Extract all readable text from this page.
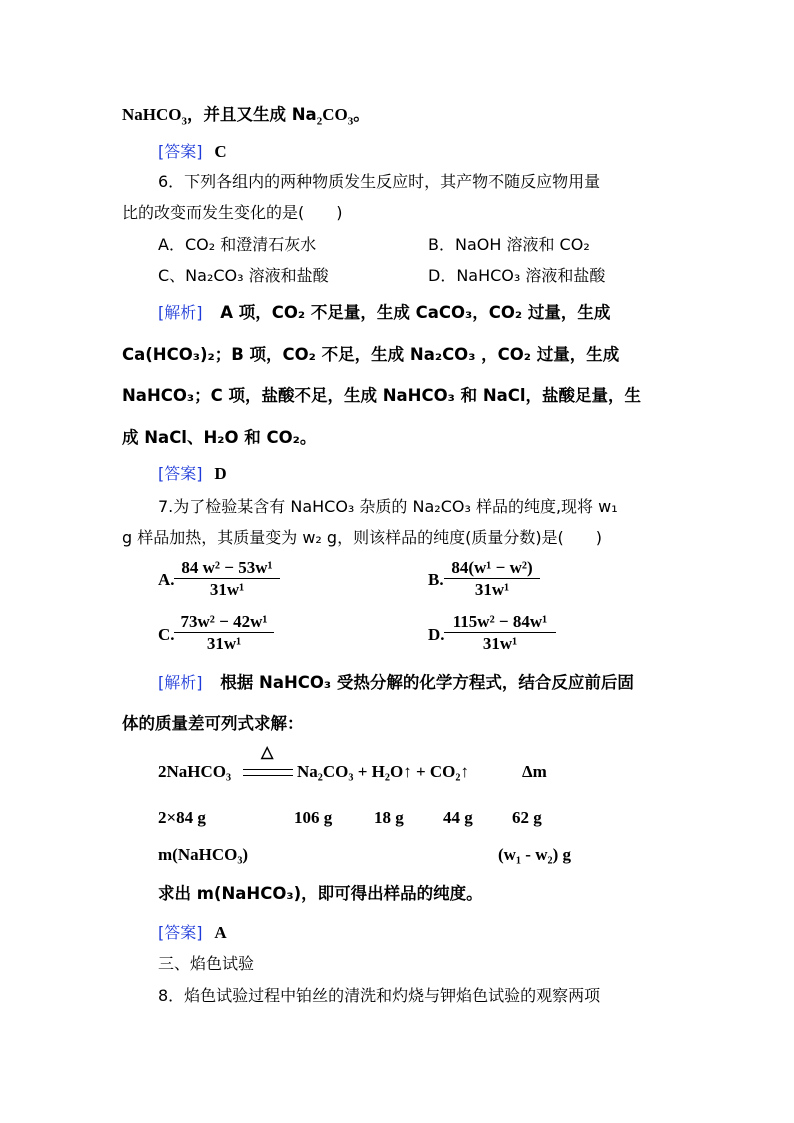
NaHCO$_3$，并且又生成 $Na_2CO_3$。
[答案] C
6．下列各组内的两种物质发生反应时，其产物不随反应物用量
比的改变而发生变化的是(　　)
A．CO₂ 和澄清石灰水	B．NaOH 溶液和 CO₂
C、Na₂CO₃ 溶液和盐酸	D．NaHCO₃ 溶液和盐酸
[解析] A 项，CO₂ 不足量，生成 CaCO₃，CO₂ 过量，生成
Ca(HCO₃)₂；B 项，CO₂ 不足，生成 Na₂CO₃ ，CO₂ 过量，生成
NaHCO₃；C 项，盐酸不足，生成 NaHCO₃ 和 NaCl，盐酸足量，生
成 NaCl、H₂O 和 CO₂。
[答案] D
7.为了检验某含有 NaHCO₃ 杂质的 Na₂CO₃ 样品的纯度,现将 w₁
g 样品加热，其质量变为 w₂ g，则该样品的纯度(质量分数)是(　　)
A. $\frac{\text{84 w² − 53w¹}}{\text{31w¹}}$	B. $\frac{\text{84(w¹ − w²)}}{\text{31w¹}}$
C. $\frac{\text{73w² − 42w¹}}{\text{31w¹}}$	D. $\frac{\text{115w² − 84w¹}}{\text{31w¹}}$
[解析] 根据 NaHCO₃ 受热分解的化学方程式，结合反应前后固
体的质量差可列式求解：
△
2NaHCO₃	Na₂CO₃ + H₂O↑ + CO₂↑	Δm
2×84 g	106 g 18 g 44 g 62 g
m(NaHCO₃)	(w₁ - w₂) g
求出 m(NaHCO₃)，即可得出样品的纯度。
[答案] A
三、焰色试验
8．焰色试验过程中铂丝的清洗和灼烧与钾焰色试验的观察两项
